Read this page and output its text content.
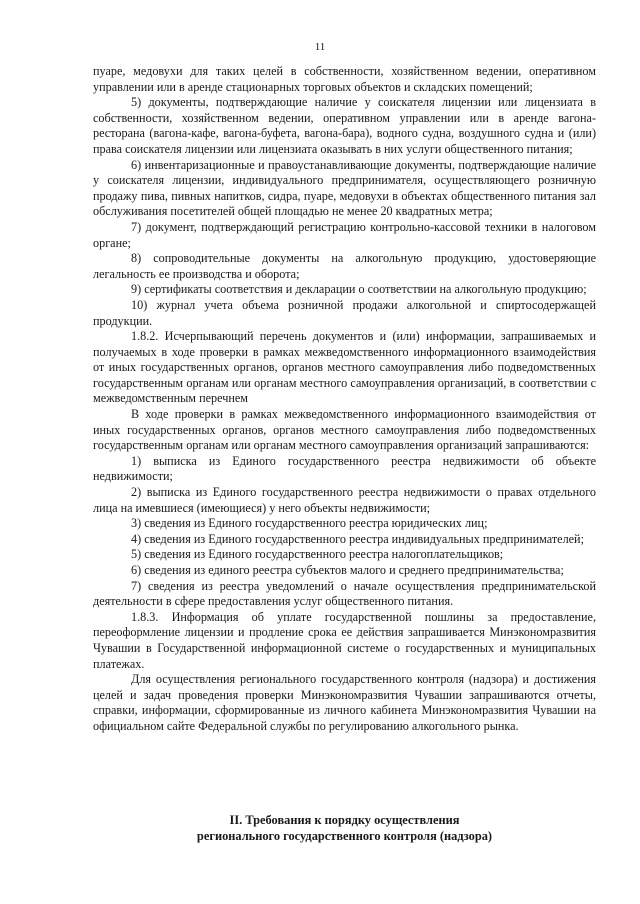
11

пуаре, медовухи для таких целей в собственности, хозяйственном ведении, оперативном управлении или в аренде стационарных торговых объектов и складских помещений;

5) документы, подтверждающие наличие у соискателя лицензии или лицензиата в собственности, хозяйственном ведении, оперативном управлении или в аренде вагона-ресторана (вагона-кафе, вагона-буфета, вагона-бара), водного судна, воздушного судна и (или) права соискателя лицензии или лицензиата оказывать в них услуги общественного питания;

6) инвентаризационные и правоустанавливающие документы, подтверждающие наличие у соискателя лицензии, индивидуального предпринимателя, осуществляющего розничную продажу пива, пивных напитков, сидра, пуаре, медовухи в объектах общественного питания зал обслуживания посетителей общей площадью не менее 20 квадратных метра;

7) документ, подтверждающий регистрацию контрольно-кассовой техники в налоговом органе;

8) сопроводительные документы на алкогольную продукцию, удостоверяющие легальность ее производства и оборота;

9) сертификаты соответствия и декларации о соответствии на алкогольную продукцию;

10) журнал учета объема розничной продажи алкогольной и спиртосодержащей продукции.

1.8.2. Исчерпывающий перечень документов и (или) информации, запрашиваемых и получаемых в ходе проверки в рамках межведомственного информационного взаимодействия от иных государственных органов, органов местного самоуправления либо подведомственных государственным органам или органам местного самоуправления организаций, в соответствии с межведомственным перечнем

В ходе проверки в рамках межведомственного информационного взаимодействия от иных государственных органов, органов местного самоуправления либо подведомственных государственным органам или органам местного самоуправления организаций запрашиваются:

1) выписка из Единого государственного реестра недвижимости об объекте недвижимости;

2) выписка из Единого государственного реестра недвижимости о правах отдельного лица на имевшиеся (имеющиеся) у него объекты недвижимости;

3) сведения из Единого государственного реестра юридических лиц;

4) сведения из Единого государственного реестра индивидуальных предпринимателей;

5) сведения из Единого государственного реестра налогоплательщиков;

6) сведения из единого реестра субъектов малого и среднего предпринимательства;

7) сведения из реестра уведомлений о начале осуществления предпринимательской деятельности в сфере предоставления услуг общественного питания.

1.8.3. Информация об уплате государственной пошлины за предоставление, переоформление лицензии и продление срока ее действия запрашивается Минэкономразвития Чувашии в Государственной информационной системе о государственных и муниципальных платежах.

Для осуществления регионального государственного контроля (надзора) и достижения целей и задач проведения проверки Минэкономразвития Чувашии запрашиваются отчеты, справки, информации, сформированные из личного кабинета Минэкономразвития Чувашии на официальном сайте Федеральной службы по регулированию алкогольного рынка.

II. Требования к порядку осуществления
регионального государственного контроля (надзора)
